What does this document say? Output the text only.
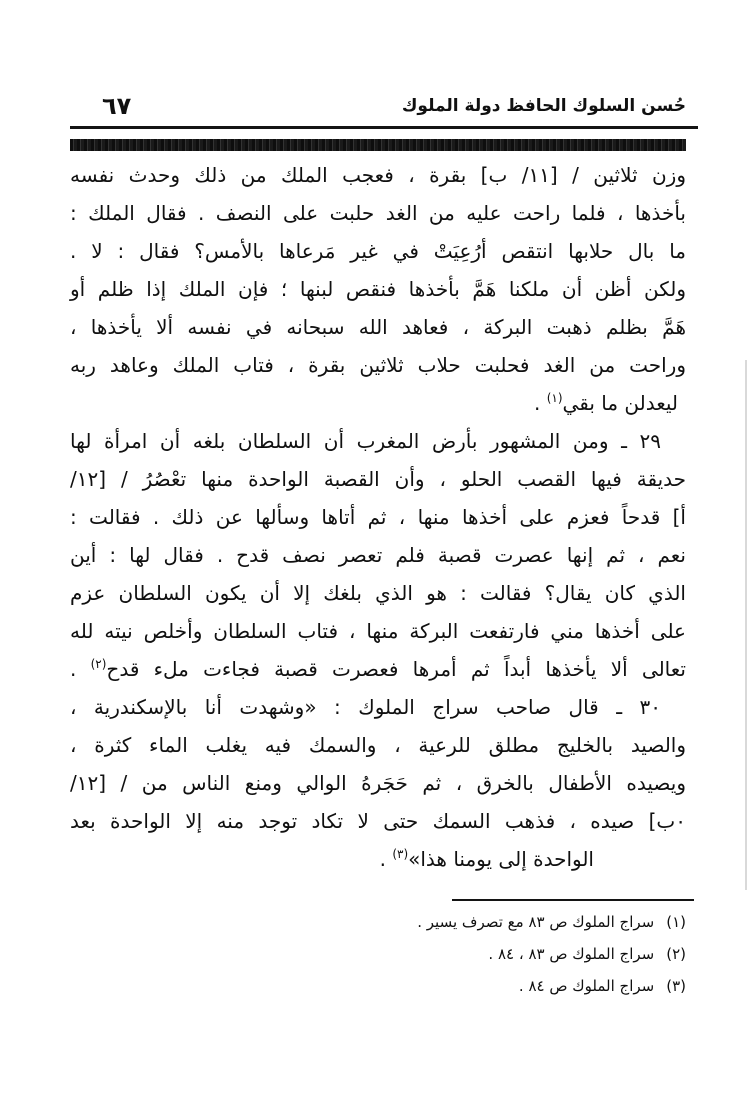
حُسن السلوك الحافظ دولة الملوك
٦٧
وزن ثلاثين / [١١/ ب] بقرة ، فعجب الملك من ذلك وحدث نفسه
بأخذها ، فلما راحت عليه من الغد حلبت على النصف . فقال الملك :
ما بال حلابها انتقص أرُعِيَتْ في غير مَرعاها بالأمس؟ فقال : لا .
ولكن أظن أن ملكنا هَمَّ بأخذها فنقص لبنها ؛ فإن الملك إذا ظلم أو
هَمَّ بظلم ذهبت البركة ، فعاهد الله سبحانه في نفسه ألا يأخذها ،
وراحت من الغد فحلبت حلاب ثلاثين بقرة ، فتاب الملك وعاهد ربه
ليعدلن ما بقي$^{(١)}$ .
٢٩ ـ ومن المشهور بأرض المغرب أن السلطان بلغه أن امرأة لها
حديقة فيها القصب الحلو ، وأن القصبة الواحدة منها تعْصُرُ / [١٢/
أ] قدحاً فعزم على أخذها منها ، ثم أتاها وسألها عن ذلك . فقالت :
نعم ، ثم إنها عصرت قصبة فلم تعصر نصف قدح . فقال لها : أين
الذي كان يقال؟ فقالت : هو الذي بلغك إلا أن يكون السلطان عزم
على أخذها مني فارتفعت البركة منها ، فتاب السلطان وأخلص نيته لله
تعالى ألا يأخذها أبداً ثم أمرها فعصرت قصبة فجاءت ملء قدح$^{(٢)}$ .
٣٠ ـ قال صاحب سراج الملوك : «وشهدت أنا بالإسكندرية ،
والصيد بالخليج مطلق للرعية ، والسمك فيه يغلب الماء كثرة ،
ويصيده الأطفال بالخرق ، ثم حَجَرهُ الوالي ومنع الناس من / [١٢/
٠ب] صيده ، فذهب السمك حتى لا تكاد توجد منه إلا الواحدة بعد
الواحدة إلى يومنا هذا»$^{(٣)}$ .
(١)سراج الملوك ص ٨٣ مع تصرف يسير .
(٢)سراج الملوك ص ٨٣ ، ٨٤ .
(٣)سراج الملوك ص ٨٤ .
